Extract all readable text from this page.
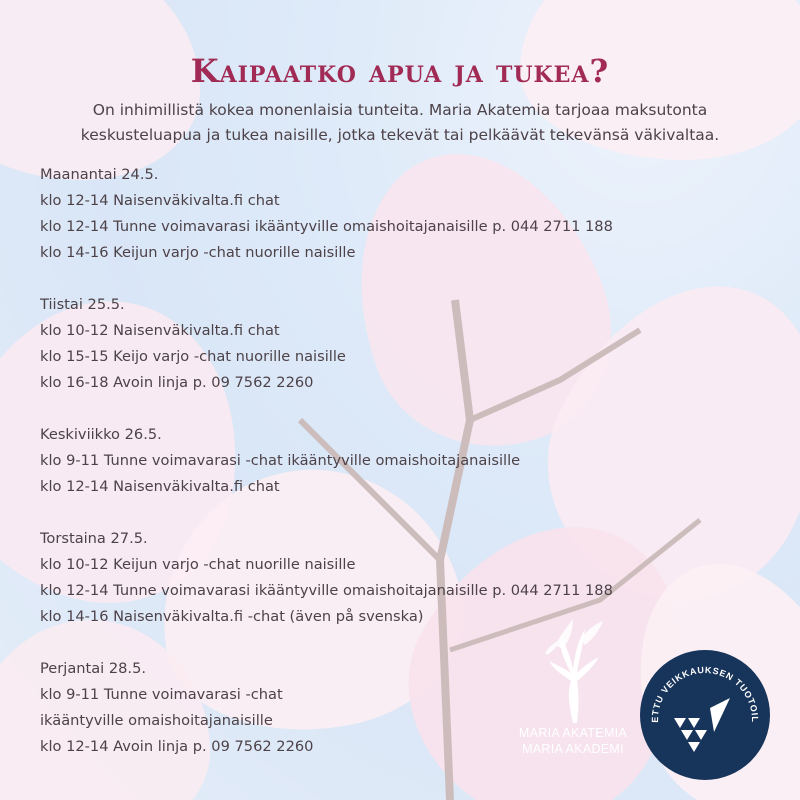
Kaipaatko apua ja tukea?
On inhimillistä kokea monenlaisia tunteita. Maria Akatemia tarjoaa maksutonta
keskusteluapua ja tukea naisille, jotka tekevät tai pelkäävät tekevänsä väkivaltaa.
Maanantai 24.5.
klo 12-14 Naisenväkivalta.fi chat
klo 12-14 Tunne voimavarasi ikääntyville omaishoitajanaisille p. 044 2711 188
klo 14-16 Keijun varjo -chat nuorille naisille
Tiistai 25.5.
klo 10-12 Naisenväkivalta.fi chat
klo 15-15 Keijo varjo -chat nuorille naisille
klo 16-18 Avoin linja p. 09 7562 2260
Keskiviikko 26.5.
klo 9-11 Tunne voimavarasi -chat ikääntyville omaishoitajanaisille
klo 12-14 Naisenväkivalta.fi chat
Torstaina 27.5.
klo 10-12 Keijun varjo -chat nuorille naisille
klo 12-14 Tunne voimavarasi ikääntyville omaishoitajanaisille p. 044 2711 188
klo 14-16 Naisenväkivalta.fi -chat (även på svenska)
Perjantai 28.5.
klo 9-11 Tunne voimavarasi -chat
ikääntyville omaishoitajanaisille
klo 12-14 Avoin linja p. 09 7562 2260
MARIA AKATEMIA
MARIA AKADEMI
ETTU VEIKKAUKSEN TUOTOIL
